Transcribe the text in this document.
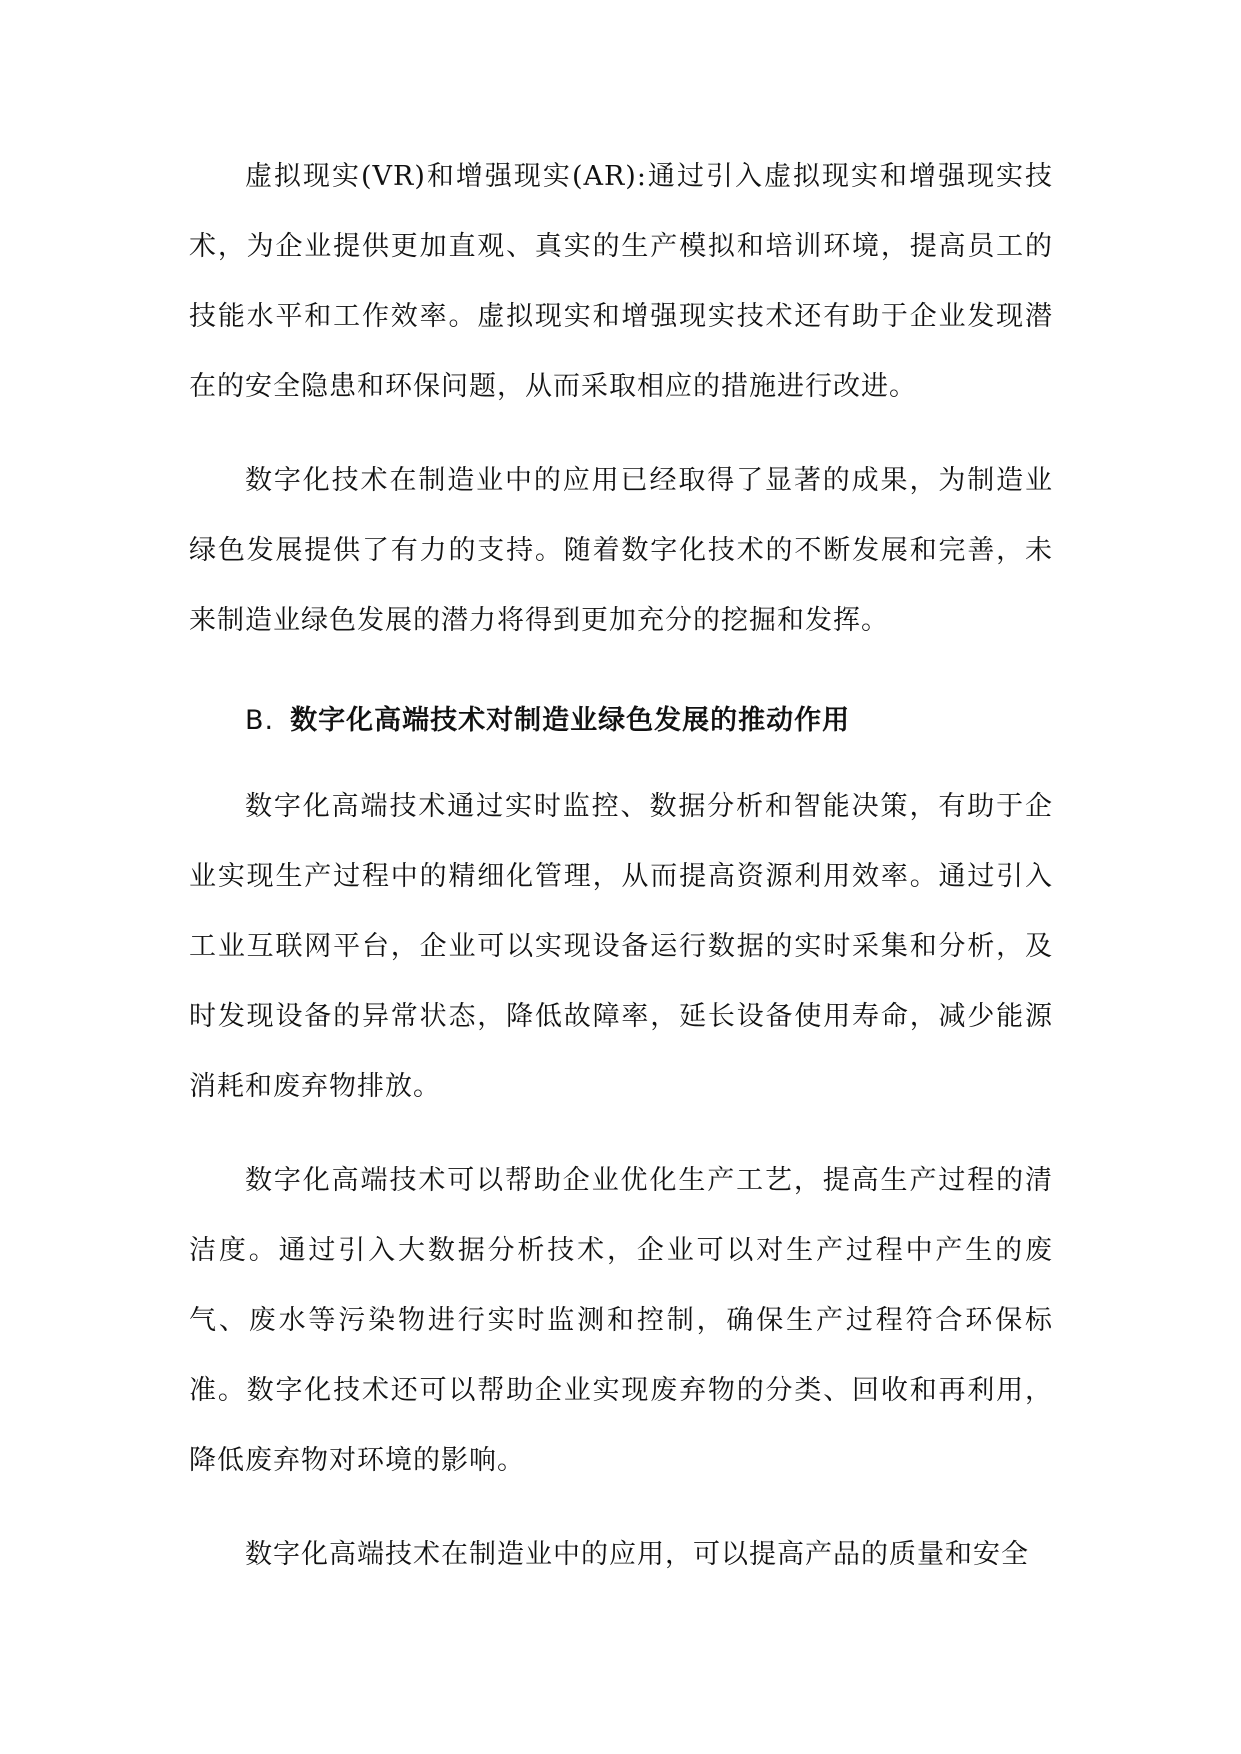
虚拟现实(VR)和增强现实(AR):通过引入虚拟现实和增强现实技术，为企业提供更加直观、真实的生产模拟和培训环境，提高员工的技能水平和工作效率。虚拟现实和增强现实技术还有助于企业发现潜在的安全隐患和环保问题，从而采取相应的措施进行改进。

数字化技术在制造业中的应用已经取得了显著的成果，为制造业绿色发展提供了有力的支持。随着数字化技术的不断发展和完善，未来制造业绿色发展的潜力将得到更加充分的挖掘和发挥。

B. 数字化高端技术对制造业绿色发展的推动作用

数字化高端技术通过实时监控、数据分析和智能决策，有助于企业实现生产过程中的精细化管理，从而提高资源利用效率。通过引入工业互联网平台，企业可以实现设备运行数据的实时采集和分析，及时发现设备的异常状态，降低故障率，延长设备使用寿命，减少能源消耗和废弃物排放。

数字化高端技术可以帮助企业优化生产工艺，提高生产过程的清洁度。通过引入大数据分析技术，企业可以对生产过程中产生的废气、废水等污染物进行实时监测和控制，确保生产过程符合环保标准。数字化技术还可以帮助企业实现废弃物的分类、回收和再利用，降低废弃物对环境的影响。

数字化高端技术在制造业中的应用，可以提高产品的质量和安全
